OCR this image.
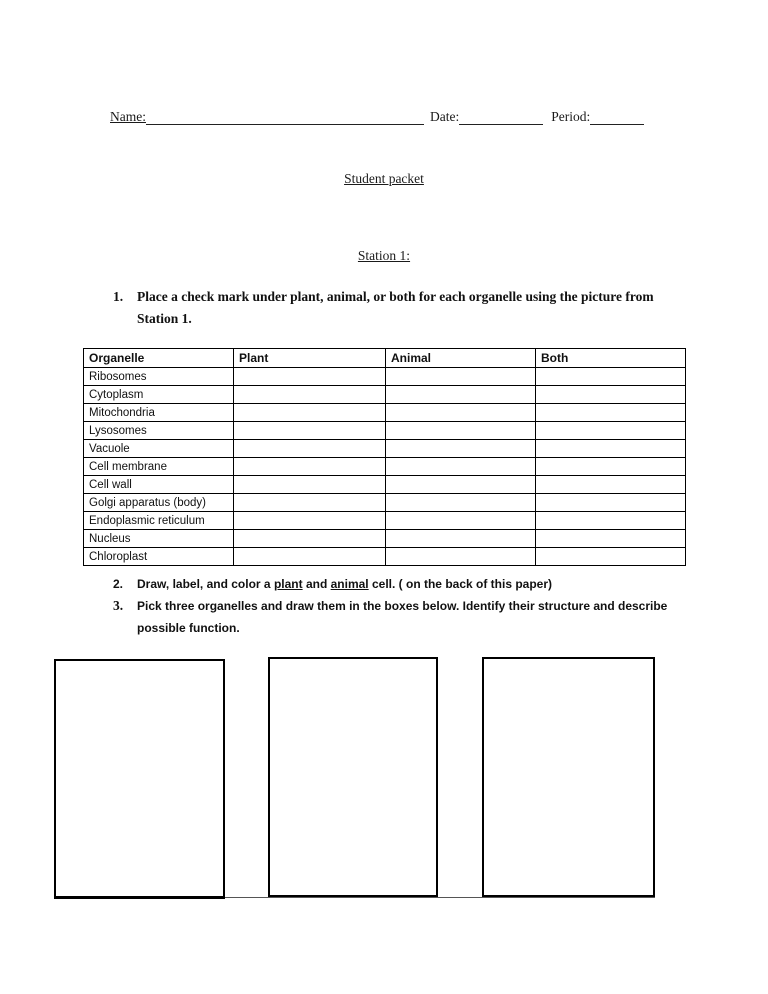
Name:	Date:	Period:
Student packet
Station 1:
1. Place a check mark under plant, animal, or both for each organelle using the picture from Station 1.
Organelle	Plant	Animal	Both
Ribosomes			
Cytoplasm			
Mitochondria			
Lysosomes			
Vacuole			
Cell membrane			
Cell wall			
Golgi apparatus (body)			
Endoplasmic reticulum			
Nucleus			
Chloroplast			
2. Draw, label, and color a plant and animal cell. ( on the back of this paper)
3. Pick three organelles and draw them in the boxes below. Identify their structure and describe possible function.
